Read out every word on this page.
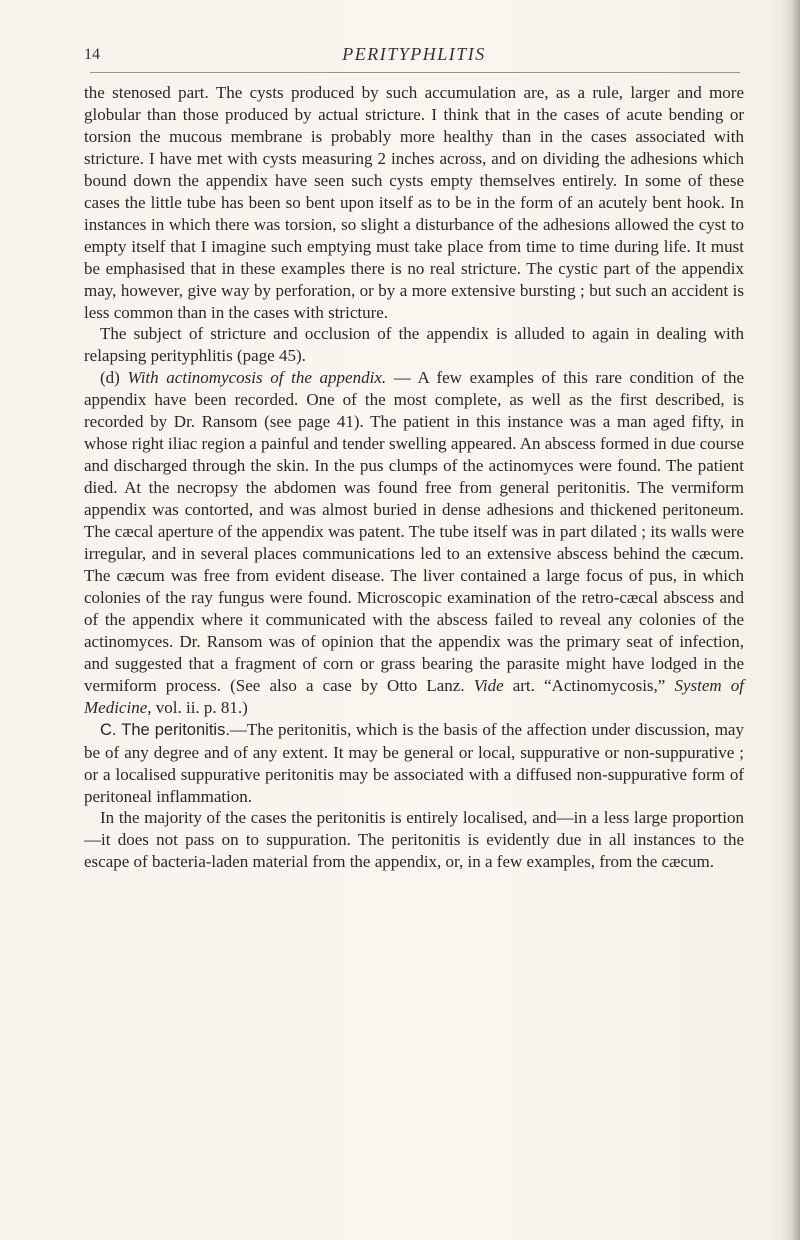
14	PERITYPHLITIS

the stenosed part. The cysts produced by such accumulation are, as a rule, larger and more globular than those produced by actual stricture. I think that in the cases of acute bending or torsion the mucous membrane is probably more healthy than in the cases associated with stricture. I have met with cysts measuring 2 inches across, and on dividing the adhesions which bound down the appendix have seen such cysts empty themselves entirely. In some of these cases the little tube has been so bent upon itself as to be in the form of an acutely bent hook. In instances in which there was torsion, so slight a disturbance of the adhesions allowed the cyst to empty itself that I imagine such emptying must take place from time to time during life. It must be emphasised that in these examples there is no real stricture. The cystic part of the appendix may, however, give way by perforation, or by a more extensive bursting ; but such an accident is less common than in the cases with stricture.

The subject of stricture and occlusion of the appendix is alluded to again in dealing with relapsing perityphlitis (page 45).

(d) With actinomycosis of the appendix. — A few examples of this rare condition of the appendix have been recorded. One of the most complete, as well as the first described, is recorded by Dr. Ransom (see page 41). The patient in this instance was a man aged fifty, in whose right iliac region a painful and tender swelling appeared. An abscess formed in due course and discharged through the skin. In the pus clumps of the actinomyces were found. The patient died. At the necropsy the abdomen was found free from general peritonitis. The vermiform appendix was contorted, and was almost buried in dense adhesions and thickened peritoneum. The cæcal aperture of the appendix was patent. The tube itself was in part dilated ; its walls were irregular, and in several places communications led to an extensive abscess behind the cæcum. The cæcum was free from evident disease. The liver contained a large focus of pus, in which colonies of the ray fungus were found. Microscopic examination of the retro-cæcal abscess and of the appendix where it communicated with the abscess failed to reveal any colonies of the actinomyces. Dr. Ransom was of opinion that the appendix was the primary seat of infection, and suggested that a fragment of corn or grass bearing the parasite might have lodged in the vermiform process. (See also a case by Otto Lanz. Vide art. “Actinomycosis,” System of Medicine, vol. ii. p. 81.)

C. The peritonitis.—The peritonitis, which is the basis of the affection under discussion, may be of any degree and of any extent. It may be general or local, suppurative or non-suppurative ; or a localised suppurative peritonitis may be associated with a diffused non-suppurative form of peritoneal inflammation.

In the majority of the cases the peritonitis is entirely localised, and—in a less large proportion—it does not pass on to suppuration. The peritonitis is evidently due in all instances to the escape of bacteria-laden material from the appendix, or, in a few examples, from the cæcum.
